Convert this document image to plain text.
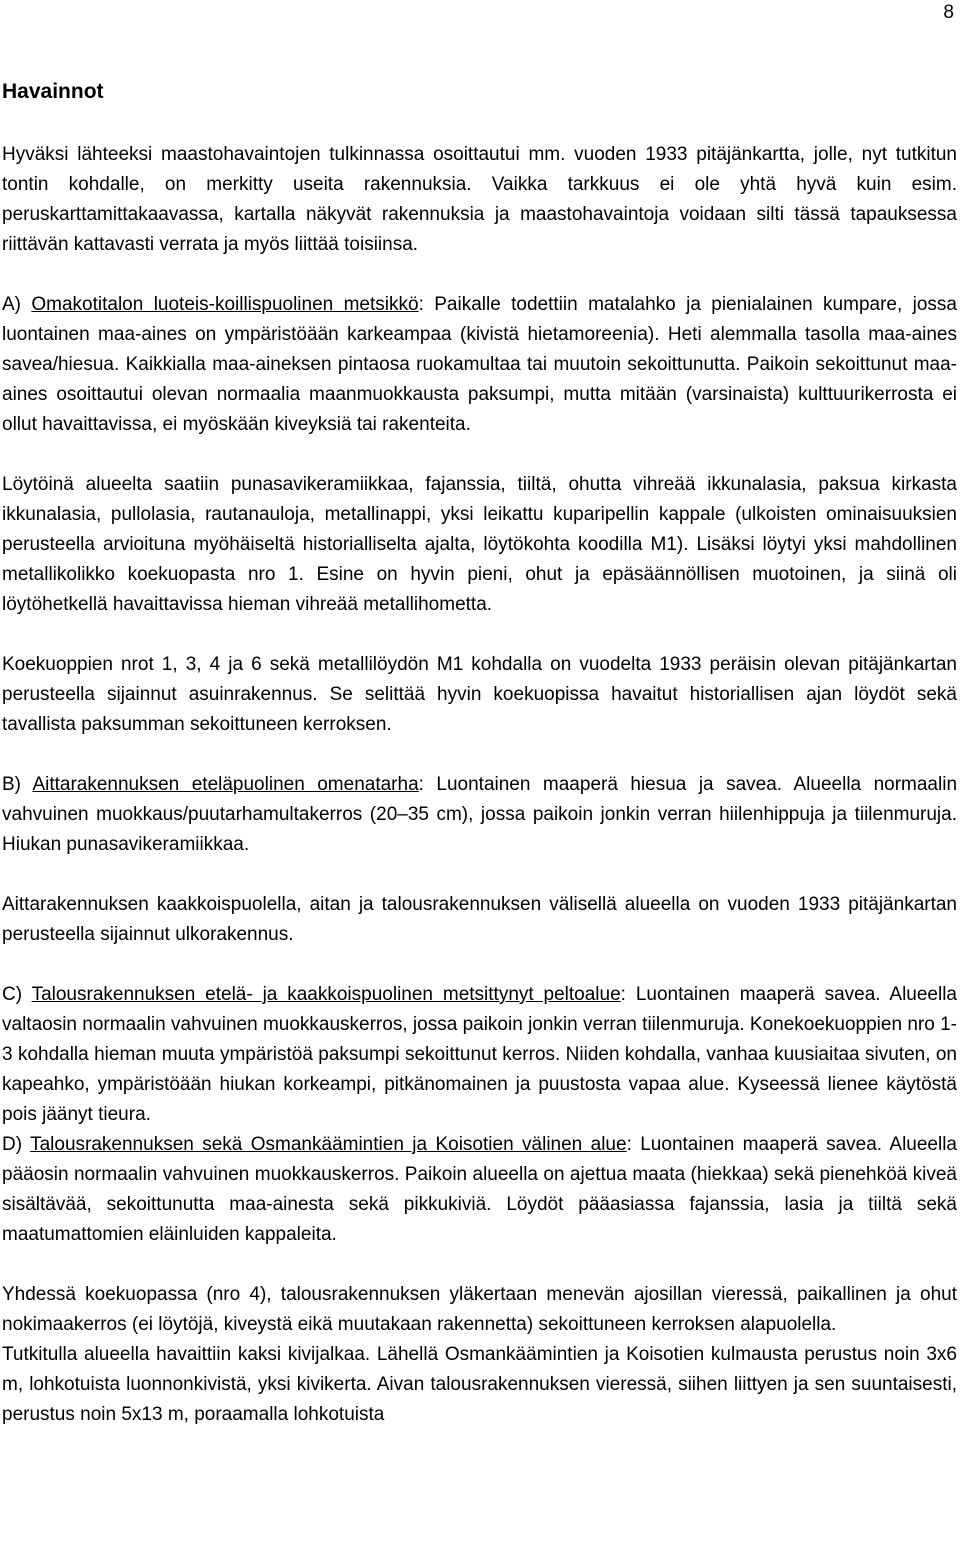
8
Havainnot

Hyväksi lähteeksi maastohavaintojen tulkinnassa osoittautui mm. vuoden 1933 pitäjänkartta, jolle, nyt tutkitun tontin kohdalle, on merkitty useita rakennuksia. Vaikka tarkkuus ei ole yhtä hyvä kuin esim. peruskarttamittakaavassa, kartalla näkyvät rakennuksia ja maastohavaintoja voidaan silti tässä tapauksessa riittävän kattavasti verrata ja myös liittää toisiinsa.

A) Omakotitalon luoteis-koillispuolinen metsikkö: Paikalle todettiin matalahko ja pienialainen kumpare, jossa luontainen maa-aines on ympäristöään karkeampaa (kivistä hietamoreenia). Heti alemmalla tasolla maa-aines savea/hiesua. Kaikkialla maa-aineksen pintaosa ruokamultaa tai muutoin sekoittunutta. Paikoin sekoittunut maa-aines osoittautui olevan normaalia maanmuokkausta paksumpi, mutta mitään (varsinaista) kulttuurikerrosta ei ollut havaittavissa, ei myöskään kiveyksiä tai rakenteita.

Löytöinä alueelta saatiin punasavikeramiikkaa, fajanssia, tiiltä, ohutta vihreää ikkunalasia, paksua kirkasta ikkunalasia, pullolasia, rautanauloja, metallinappi, yksi leikattu kuparipellin kappale (ulkoisten ominaisuuksien perusteella arvioituna myöhäiseltä historialliselta ajalta, löytökohta koodilla M1). Lisäksi löytyi yksi mahdollinen metallikolikko koekuopasta nro 1. Esine on hyvin pieni, ohut ja epäsäännöllisen muotoinen, ja siinä oli löytöhetkellä havaittavissa hieman vihreää metallihometta.

Koekuoppien nrot 1, 3, 4 ja 6 sekä metallilöydön M1 kohdalla on vuodelta 1933 peräisin olevan pitäjänkartan perusteella sijainnut asuinrakennus. Se selittää hyvin koekuopissa havaitut historiallisen ajan löydöt sekä tavallista paksumman sekoittuneen kerroksen.

B) Aittarakennuksen eteläpuolinen omenatarha: Luontainen maaperä hiesua ja savea. Alueella normaalin vahvuinen muokkaus/puutarhamultakerros (20–35 cm), jossa paikoin jonkin verran hiilenhippuja ja tiilenmuruja. Hiukan punasavikeramiikkaa.

Aittarakennuksen kaakkoispuolella, aitan ja talousrakennuksen välisellä alueella on vuoden 1933 pitäjänkartan perusteella sijainnut ulkorakennus.

C) Talousrakennuksen etelä- ja kaakkoispuolinen metsittynyt peltoalue: Luontainen maaperä savea. Alueella valtaosin normaalin vahvuinen muokkauskerros, jossa paikoin jonkin verran tiilenmuruja. Konekoekuoppien nro 1-3 kohdalla hieman muuta ympäristöä paksumpi sekoittunut kerros. Niiden kohdalla, vanhaa kuusiaitaa sivuten, on kapeahko, ympäristöään hiukan korkeampi, pitkänomainen ja puustosta vapaa alue. Kyseessä lienee käytöstä pois jäänyt tieura.

D) Talousrakennuksen sekä Osmankäämintien ja Koisotien välinen alue: Luontainen maaperä savea. Alueella pääosin normaalin vahvuinen muokkauskerros. Paikoin alueella on ajettua maata (hiekkaa) sekä pienehköä kiveä sisältävää, sekoittunutta maa-ainesta sekä pikkukiviä. Löydöt pääasiassa fajanssia, lasia ja tiiltä sekä maatumattomien eläinluiden kappaleita.

Yhdessä koekuopassa (nro 4), talousrakennuksen yläkertaan menevän ajosillan vieressä, paikallinen ja ohut nokimaakerros (ei löytöjä, kiveystä eikä muutakaan rakennetta) sekoittuneen kerroksen alapuolella.

Tutkitulla alueella havaittiin kaksi kivijalkaa. Lähellä Osmankäämintien ja Koisotien kulmausta perustus noin 3x6 m, lohkotuista luonnonkivistä, yksi kivikerta. Aivan talousrakennuksen vieressä, siihen liittyen ja sen suuntaisesti, perustus noin 5x13 m, poraamalla lohkotuista
